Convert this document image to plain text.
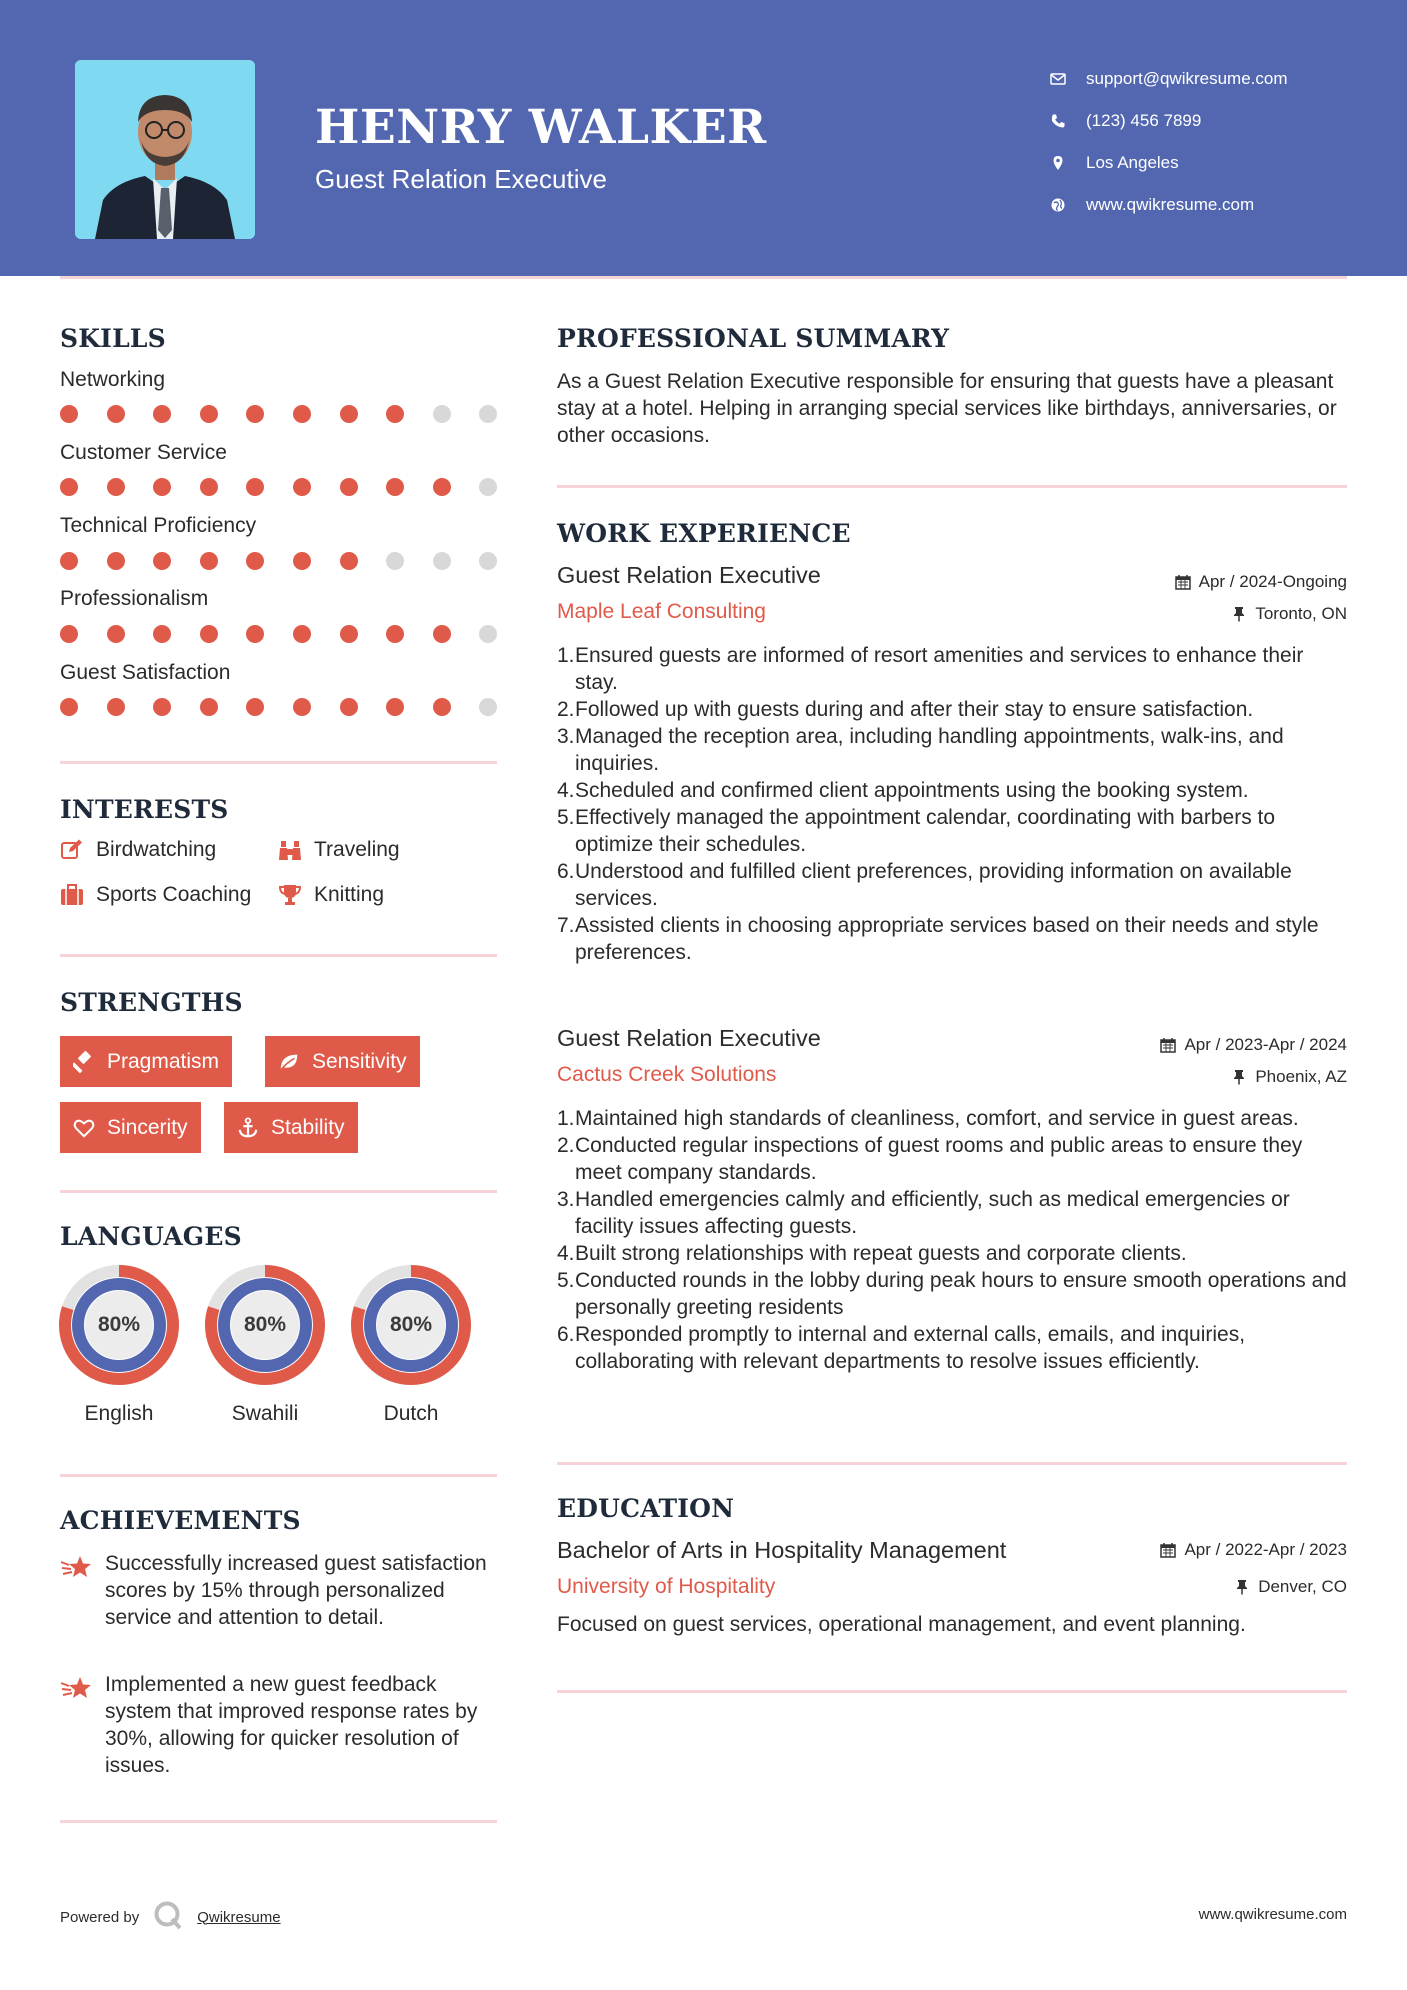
HENRY WALKER
Guest Relation Executive
support@qwikresume.com
(123) 456 7899
Los Angeles
www.qwikresume.com
SKILLS
Networking
Customer Service
Technical Proficiency
Professionalism
Guest Satisfaction
INTERESTS
Birdwatching	Traveling
Sports Coaching	Knitting
STRENGTHS
Pragmatism	Sensitivity
Sincerity	Stability
LANGUAGES
80%
English
80%
Swahili
80%
Dutch
ACHIEVEMENTS
Successfully increased guest satisfaction scores by 15% through personalized service and attention to detail.
Implemented a new guest feedback system that improved response rates by 30%, allowing for quicker resolution of issues.
PROFESSIONAL SUMMARY
As a Guest Relation Executive responsible for ensuring that guests have a pleasant stay at a hotel. Helping in arranging special services like birthdays, anniversaries, or other occasions.
WORK EXPERIENCE
Guest Relation Executive	Apr / 2024-Ongoing
Maple Leaf Consulting	Toronto, ON
1. Ensured guests are informed of resort amenities and services to enhance their stay.
2. Followed up with guests during and after their stay to ensure satisfaction.
3. Managed the reception area, including handling appointments, walk-ins, and inquiries.
4. Scheduled and confirmed client appointments using the booking system.
5. Effectively managed the appointment calendar, coordinating with barbers to optimize their schedules.
6. Understood and fulfilled client preferences, providing information on available services.
7. Assisted clients in choosing appropriate services based on their needs and style preferences.
Guest Relation Executive	Apr / 2023-Apr / 2024
Cactus Creek Solutions	Phoenix, AZ
1. Maintained high standards of cleanliness, comfort, and service in guest areas.
2. Conducted regular inspections of guest rooms and public areas to ensure they meet company standards.
3. Handled emergencies calmly and efficiently, such as medical emergencies or facility issues affecting guests.
4. Built strong relationships with repeat guests and corporate clients.
5. Conducted rounds in the lobby during peak hours to ensure smooth operations and personally greeting residents
6. Responded promptly to internal and external calls, emails, and inquiries, collaborating with relevant departments to resolve issues efficiently.
EDUCATION
Bachelor of Arts in Hospitality Management	Apr / 2022-Apr / 2023
University of Hospitality	Denver, CO
Focused on guest services, operational management, and event planning.
Powered by	Qwikresume	www.qwikresume.com
